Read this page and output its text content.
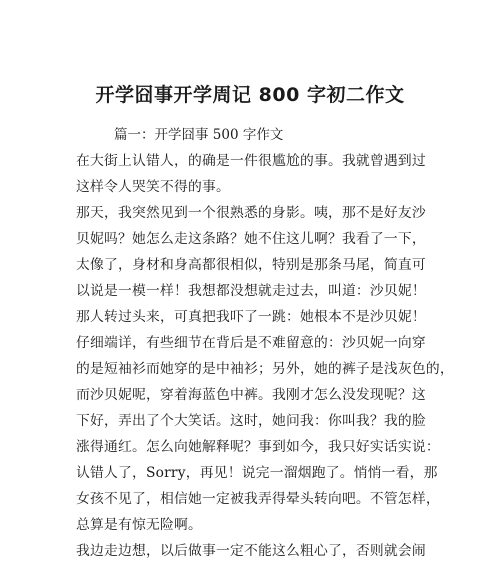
开学囧事开学周记 800 字初二作文
篇一：开学囧事 500 字作文
在大街上认错人，的确是一件很尴尬的事。我就曾遇到过
这样令人哭笑不得的事。
那天，我突然见到一个很熟悉的身影。咦，那不是好友沙
贝妮吗？她怎么走这条路？她不住这儿啊？我看了一下，
太像了，身材和身高都很相似，特别是那条马尾，简直可
以说是一模一样！我想都没想就走过去，叫道：沙贝妮！
那人转过头来，可真把我吓了一跳：她根本不是沙贝妮！
仔细端详，有些细节在背后是不难留意的：沙贝妮一向穿
的是短袖衫而她穿的是中袖衫；另外，她的裤子是浅灰色的，
而沙贝妮呢，穿着海蓝色中裤。我刚才怎么没发现呢？这
下好，弄出了个大笑话。这时，她问我：你叫我？我的脸
涨得通红。怎么向她解释呢？事到如今，我只好实话实说：
认错人了，Sorry，再见！说完一溜烟跑了。悄悄一看，那
女孩不见了，相信她一定被我弄得晕头转向吧。不管怎样，
总算是有惊无险啊。
我边走边想，以后做事一定不能这么粗心了，否则就会闹
